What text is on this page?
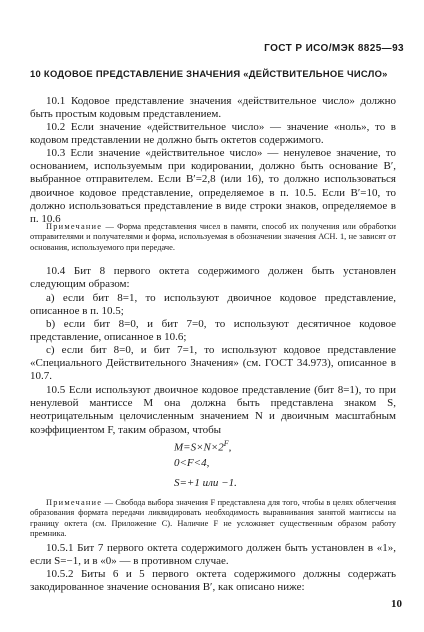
ГОСТ Р ИСО/МЭК 8825—93
10 КОДОВОЕ ПРЕДСТАВЛЕНИЕ ЗНАЧЕНИЯ «ДЕЙСТВИТЕЛЬНОЕ ЧИСЛО»

10.1 Кодовое представление значения «действительное число» должно быть простым кодовым представлением.

10.2 Если значение «действительное число» — значение «ноль», то в кодовом представлении не должно быть октетов содержимого.

10.3 Если значение «действительное число» — ненулевое значение, то основанием, используемым при кодировании, должно быть основание B′, выбранное отправителем. Если B′=2,8 (или 16), то должно использоваться двоичное кодовое представление, определяемое в п. 10.5. Если B′=10, то должно использоваться представление в виде строки знаков, определяемое в п. 10.6

Примечание — Форма представления чисел в памяти, способ их получения или обработки отправителями и получателями и форма, используемая в обозначении значения АСН. 1, не зависят от основания, используемого при передаче.

10.4 Бит 8 первого октета содержимого должен быть установлен следующим образом:

а) если бит 8=1, то используют двоичное кодовое представление, описанное в п. 10.5;

b) если бит 8=0, и бит 7=0, то используют десятичное кодовое представление, описанное в 10.6;

с) если бит 8=0, и бит 7=1, то используют кодовое представление «Специального Действительного Значения» (см. ГОСТ 34.973), описанное в 10.7.

10.5 Если используют двоичное кодовое представление (бит 8=1), то при ненулевой мантиссе M она должна быть представлена знаком S, неотрицательным целочисленным значением N и двоичным масштабным коэффициентом F, таким образом, чтобы

$M=S\times N\times 2^F$,

0<F<4,

S=+1 или −1.

Примечание — Свобода выбора значения F представлена для того, чтобы в целях облегчения образования формата передачи ликвидировать необходимость выравнивания занятой мантиссы на границу октета (см. Приложение С). Наличие F не усложняет существенным образом работу премника.

10.5.1 Бит 7 первого октета содержимого должен быть установлен в «1», если S=−1, и в «0» — в противном случае.

10.5.2 Биты 6 и 5 первого октета содержимого должны содержать закодированное значение основания B′, как описано ниже:

10
